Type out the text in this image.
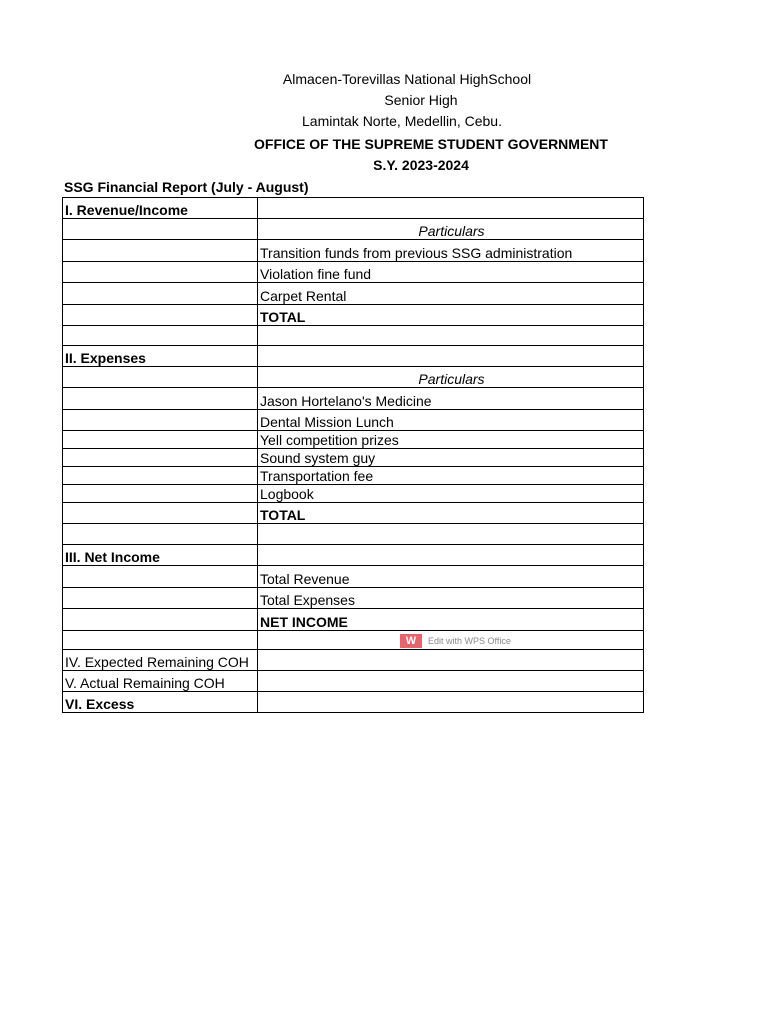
Almacen-Torevillas National HighSchool
Senior High
Lamintak Norte, Medellin, Cebu.
OFFICE OF THE SUPREME STUDENT GOVERNMENT
S.Y. 2023-2024
SSG Financial Report (July - August)
I. Revenue/Income	
	Particulars
	Transition funds from previous SSG administration
	Violation fine fund
	Carpet Rental
	TOTAL

II. Expenses	
	Particulars
	Jason Hortelano's Medicine
	Dental Mission Lunch
	Yell competition prizes
	Sound system guy
	Transportation fee
	Logbook
	TOTAL

III. Net Income	
	Total Revenue
	Total Expenses
	NET INCOME

W Edit with WPS Office

IV. Expected Remaining COH	
V. Actual Remaining COH	
VI. Excess	
